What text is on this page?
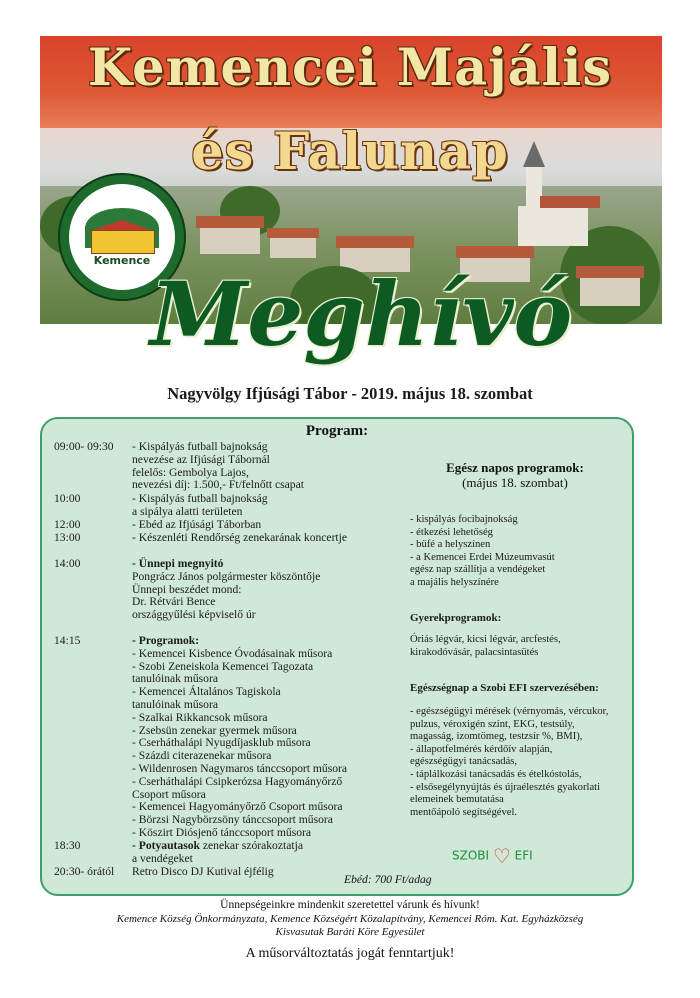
Kemencei Majális
és Falunap
Kemence
Meghívó
Nagyvölgy Ifjúsági Tábor - 2019. május 18. szombat
Program:
09:00- 09:30	- Kispályás futball bajnokság
nevezése az Ifjúsági Tábornál
felelős: Gembolya Lajos,
nevezési díj: 1.500,- Ft/felnőtt csapat
10:00	- Kispályás futball bajnokság
a sipálya alatti területen
12:00	- Ebéd az Ifjúsági Táborban
13:00	- Készenléti Rendőrség zenekarának koncertje
14:00	- Ünnepi megnyitó
Pongrácz János polgármester köszöntője
Ünnepi beszédet mond:
Dr. Rétvári Bence
országgyűlési képviselő úr
14:15	- Programok:
- Kemencei Kisbence Óvodásainak műsora
- Szobi Zeneiskola Kemencei Tagozata
tanulóinak műsora
- Kemencei Általános Tagiskola
tanulóinak műsora
- Szalkai Rikkancsok műsora
- Zsebsün zenekar gyermek műsora
- Cserháthalápi Nyugdíjasklub műsora
- Százdi citerazenekar műsora
- Wildenrosen Nagymaros tánccsoport műsora
- Cserháthalápi Csipkerózsa Hagyományőrző
Csoport műsora
- Kemencei Hagyományőrző Csoport műsora
- Börzsi Nagybörzsöny tánccsoport műsora
- Köszirt Diósjenő tánccsoport műsora
18:30	- Potyautasok zenekar szórakoztatja
a vendégeket
20:30- órától	Retro Disco DJ Kutival éjfélig
Egész napos programok:
(május 18. szombat)
- kispályás focibajnokság
- étkezési lehetőség
- büfé a helyszínen
- a Kemencei Erdei Múzeumvasút
egész nap szállítja a vendégeket
a majális helyszínére
Gyerekprogramok:
Óriás légvár, kicsi légvár, arcfestés,
kirakodóvásár, palacsintasütés
Egészségnap a Szobi EFI szervezésében:
- egészségügyi mérések (vérnyomás, vércukor,
pulzus, véroxigén szint, EKG, testsúly,
magasság, izomtömeg, testzsír %, BMI),
- állapotfelmérés kérdőív alapján,
egészségügyi tanácsadás,
- táplálkozási tanácsadás és ételkóstolás,
- elsősegélynyújtás és újraélesztés gyakorlati
elemeinek bemutatása
mentőápoló segítségével.
SZOBI ♡ EFI
Ebéd: 700 Ft/adag
Ünnepségeinkre mindenkit szeretettel várunk és hívunk!
Kemence Község Önkormányzata, Kemence Községért Közalapítvány, Kemencei Róm. Kat. Egyházközség
Kisvasutak Baráti Köre Egyesület
A műsorváltoztatás jogát fenntartjuk!
